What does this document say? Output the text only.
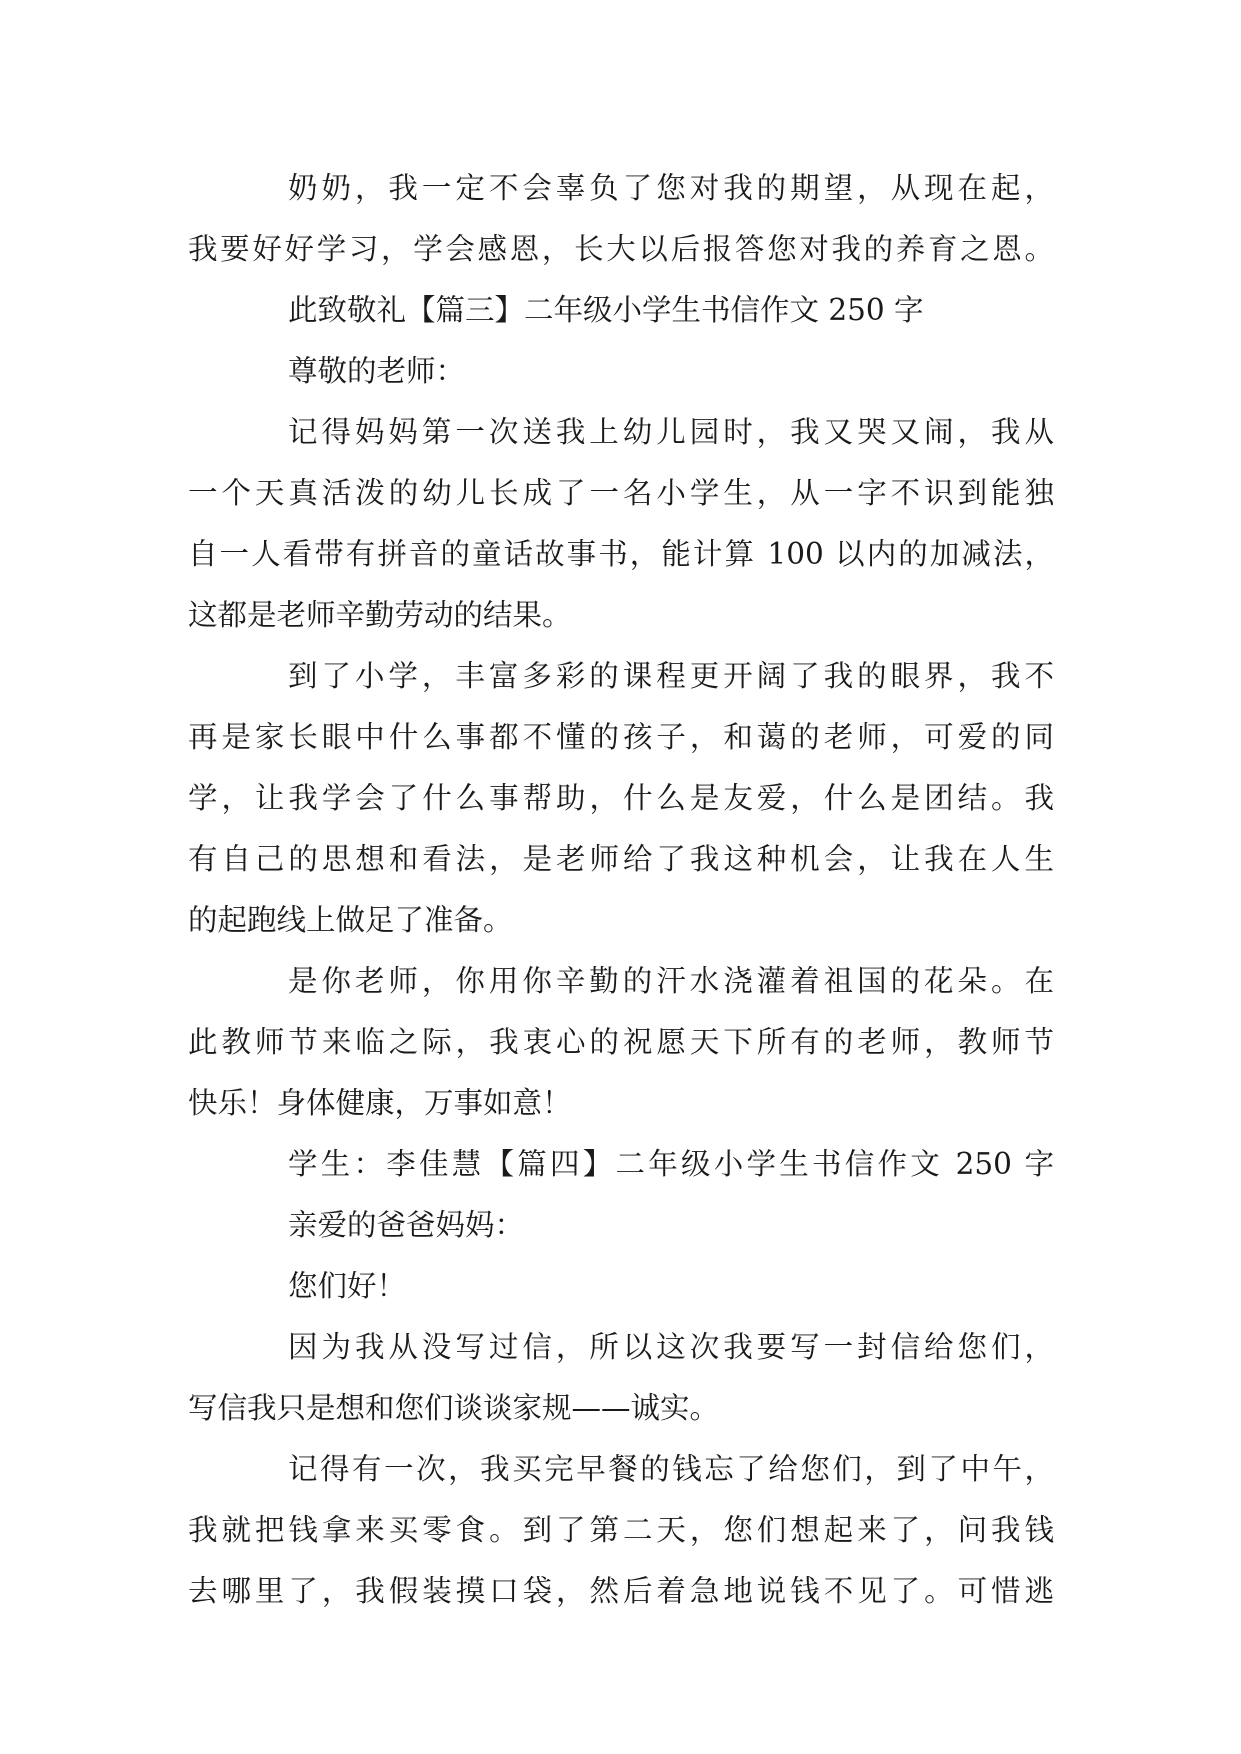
奶奶，我一定不会辜负了您对我的期望，从现在起，
我要好好学习，学会感恩，长大以后报答您对我的养育之恩。
此致敬礼【篇三】二年级小学生书信作文 250 字
尊敬的老师：
记得妈妈第一次送我上幼儿园时，我又哭又闹，我从
一个天真活泼的幼儿长成了一名小学生，从一字不识到能独
自一人看带有拼音的童话故事书，能计算 100 以内的加减法，
这都是老师辛勤劳动的结果。
到了小学，丰富多彩的课程更开阔了我的眼界，我不
再是家长眼中什么事都不懂的孩子，和蔼的老师，可爱的同
学，让我学会了什么事帮助，什么是友爱，什么是团结。我
有自己的思想和看法，是老师给了我这种机会，让我在人生
的起跑线上做足了准备。
是你老师，你用你辛勤的汗水浇灌着祖国的花朵。在
此教师节来临之际，我衷心的祝愿天下所有的老师，教师节
快乐！身体健康，万事如意！
学生：李佳慧【篇四】二年级小学生书信作文 250 字
亲爱的爸爸妈妈：
您们好！
因为我从没写过信，所以这次我要写一封信给您们，
写信我只是想和您们谈谈家规——诚实。
记得有一次，我买完早餐的钱忘了给您们，到了中午，
我就把钱拿来买零食。到了第二天，您们想起来了，问我钱
去哪里了，我假装摸口袋，然后着急地说钱不见了。可惜逃
